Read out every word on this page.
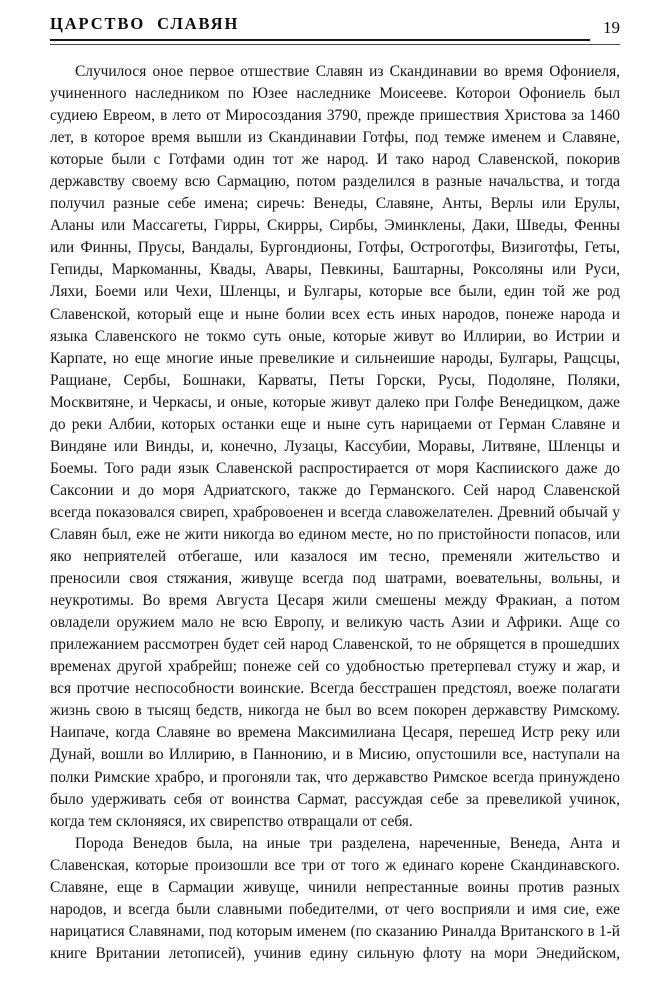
ЦАРСТВО  СЛАВЯН	19

Случилося оное первое отшествие Славян из Скандинавии во время Офониеля, учиненного наследником по Юзее наследнике Моисееве. Которои Офониель был судиею Евреом, в лето от Миросоздания 3790, прежде пришествия Христова за 1460 лет, в которое время вышли из Скандинавии Готфы, под темже именем и Славяне, которые были с Готфами один тот же народ. И тако народ Славенской, покорив державству своему всю Сармацию, потом разделился в разные начальства, и тогда получил разные себе имена; сиречь: Венеды, Славяне, Анты, Верлы или Ерулы, Аланы или Массагеты, Гирры, Скирры, Сирбы, Эминклены, Даки, Шведы, Фенны или Финны, Прусы, Вандалы, Бургондионы, Готфы, Остроготфы, Визиготфы, Геты, Гепиды, Маркоманны, Квады, Авары, Певкины, Баштарны, Роксоляны или Руси, Ляхи, Боеми или Чехи, Шленцы, и Булгары, которые все были, един той же род Славенской, который еще и ныне болии всех есть иных народов, понеже народа и языка Славенского не токмо суть оные, которые живут во Иллирии, во Истрии и Карпате, но еще многие иные превеликие и сильнеишие народы, Булгары, Ращсцы, Ращиане, Сербы, Бошнаки, Карваты, Петы Горски, Русы, Подоляне, Поляки, Москвитяне, и Черкасы, и оные, которые живут далеко при Голфе Венедицком, даже до реки Албии, которых останки еще и ныне суть нарицаеми от Герман Славяне и Виндяне или Винды, и, конечно, Лузацы, Кассубии, Моравы, Литвяне, Шленцы и Боемы. Того ради язык Славенской распростирается от моря Каспииского даже до Саксонии и до моря Адриатского, также до Германского. Сей народ Славенской всегда показовался свиреп, храбровоенен и всегда славожелателен. Древний обычай у Славян был, еже не жити никогда во едином месте, но по пристойности попасов, или яко неприятелей отбегаше, или казалося им тесно, пременяли жительство и преносили своя стяжания, живуще всегда под шатрами, воевательны, вольны, и неукротимы. Во время Августа Цесаря жили смешены между Фракиан, а потом овладели оружием мало не всю Европу, и великую часть Азии и Африки. Аще со прилежанием рассмотрен будет сей народ Славенской, то не обрящется в прошедших временах другой храбрейш; понеже сей со удобностью претерпевал стужу и жар, и вся протчие неспособности воинские. Всегда бесстрашен предстоял, воеже полагати жизнь свою в тысящ бедств, никогда не был во всем покорен державству Римскому. Наипаче, когда Славяне во времена Максимилиана Цесаря, перешед Истр реку или Дунай, вошли во Иллирию, в Паннонию, и в Мисию, опустошили все, наступали на полки Римские храбро, и прогоняли так, что державство Римское всегда принуждено было удерживать себя от воинства Сармат, рассуждая себе за превеликой учинок, когда тем склоняяся, их свирепство отвращали от себя.

Порода Венедов была, на иные три разделена, нареченные, Венеда, Анта и Славенская, которые произошли все три от того ж единаго корене Скандинавского. Славяне, еще в Сармации живуще, чинили непрестанные воины против разных народов, и всегда были славными победителми, от чего восприяли и имя сие, еже нарицатися Славянами, под которым именем (по сказанию Риналда Вританского в 1-й книге Вритании летописей), учинив едину сильную флоту на мори Энедийском,
